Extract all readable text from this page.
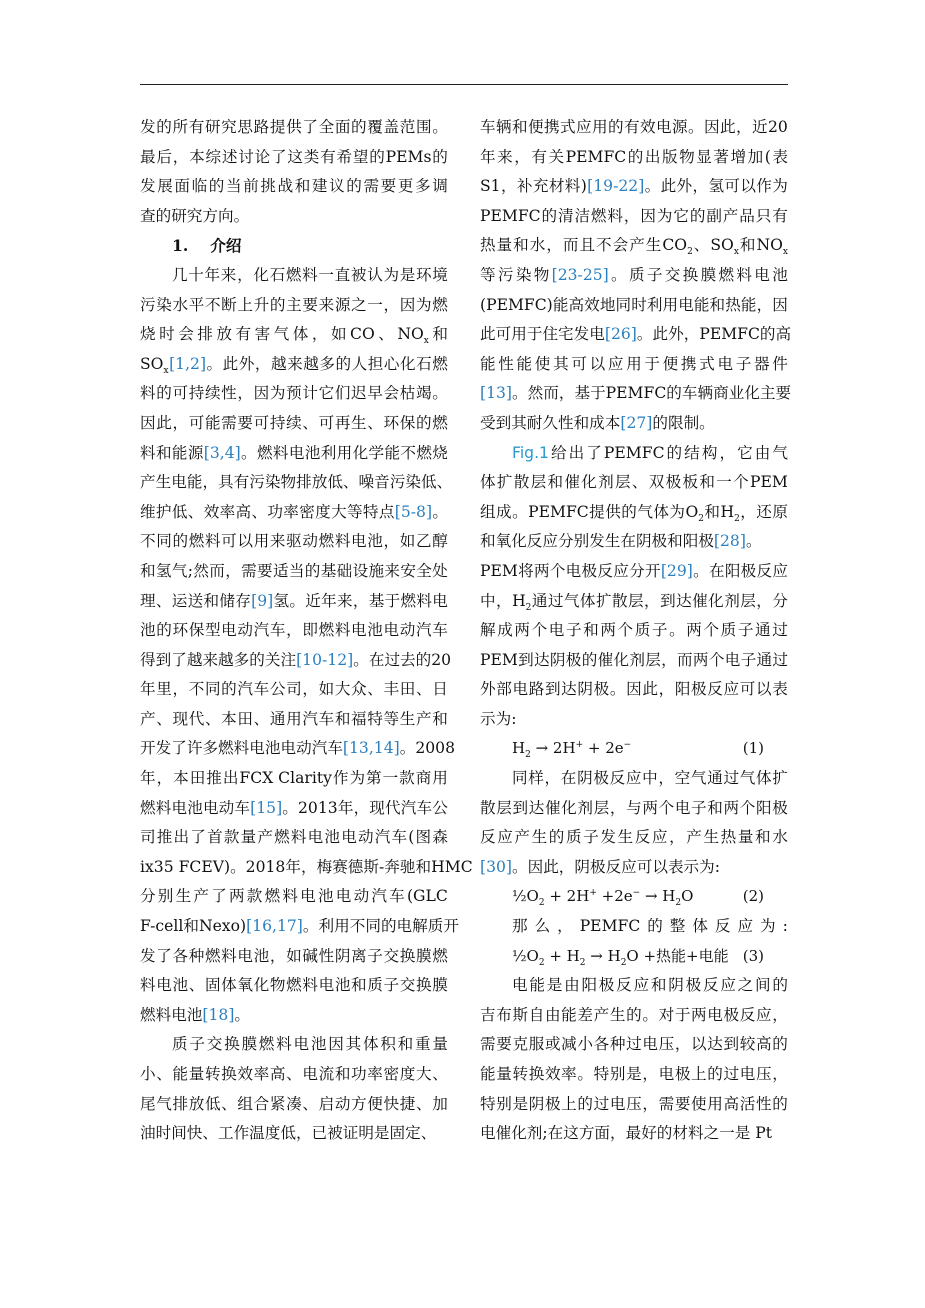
发 的 所 有 研 究 思 路 提 供 了 全 面 的 覆 盖 范 围 。
最 后 ， 本 综 述 讨 论 了 这 类 有 希 望 的 PEMs 的
发 展 面 临 的 当 前 挑 战 和 建 议 的 需 要 更 多 调
查的研究方向。
1. 介绍
几 十 年 来 ， 化 石 燃 料 一 直 被 认 为 是 环 境
污 染 水 平 不 断 上 升 的 主 要 来 源 之 一 ， 因 为 燃
烧 时 会 排 放 有 害 气 体 ， 如 CO 、 $NO_x$ 和
$SO_x$ [1,2] 。 此 外 ， 越 来 越 多 的 人 担 心 化 石 燃
料 的 可 持 续 性 ， 因 为 预 计 它 们 迟 早 会 枯 竭 。
因 此 ， 可 能 需 要 可 持 续 、 可 再 生 、 环 保 的 燃
料 和 能 源 [3,4] 。 燃 料 电 池 利 用 化 学 能 不 燃 烧
产 生 电 能 ， 具 有 污 染 物 排 放 低 、 噪 音 污 染 低 、
维 护 低 、 效 率 高 、 功 率 密 度 大 等 特 点 [5-8] 。
不 同 的 燃 料 可 以 用 来 驱 动 燃 料 电 池 ， 如 乙 醇
和 氢 气 ; 然 而 ， 需 要 适 当 的 基 础 设 施 来 安 全 处
理 、 运 送 和 储 存 [9] 氢 。 近 年 来 ， 基 于 燃 料 电
池 的 环 保 型 电 动 汽 车 ， 即 燃 料 电 池 电 动 汽 车
得 到 了 越 来 越 多 的 关 注 [10-12] 。 在 过 去 的 20
年 里 ， 不 同 的 汽 车 公 司 ， 如 大 众 、 丰 田 、 日
产 、 现 代 、 本 田 、 通 用 汽 车 和 福 特 等 生 产 和
开 发 了 许 多 燃 料 电 池 电 动 汽 车 [13,14] 。 2008
年 ， 本 田 推 出 FCX Clarity 作 为 第 一 款 商 用
燃 料 电 池 电 动 车 [15] 。 2013 年 ， 现 代 汽 车 公
司 推 出 了 首 款 量 产 燃 料 电 池 电 动 汽 车 ( 图 森
ix35 FCEV) 。 2018 年 ， 梅 赛 德 斯 - 奔 驰 和 HMC
分 别 生 产 了 两 款 燃 料 电 池 电 动 汽 车 (GLC
F-cell 和 Nexo) [16,17] 。 利 用 不 同 的 电 解 质 开
发 了 各 种 燃 料 电 池 ， 如 碱 性 阴 离 子 交 换 膜 燃
料 电 池 、 固 体 氧 化 物 燃 料 电 池 和 质 子 交 换 膜
燃料电池[18]。
质 子 交 换 膜 燃 料 电 池 因 其 体 积 和 重 量
小 、 能 量 转 换 效 率 高 、 电 流 和 功 率 密 度 大 、
尾 气 排 放 低 、 组 合 紧 凑 、 启 动 方 便 快 捷 、 加
油时间快、工作温度低，已被证明是固定、
车 辆 和 便 携 式 应 用 的 有 效 电 源 。 因 此 ， 近 20
年 来 ， 有 关 PEMFC 的 出 版 物 显 著 增 加 ( 表
S1 ， 补 充 材 料 ) [19-22] 。 此 外 ， 氢 可 以 作 为
PEMFC 的 清 洁 燃 料 ， 因 为 它 的 副 产 品 只 有
热 量 和 水 ， 而 且 不 会 产 生 $CO_2$ 、 $SO_x$ 和 $NO_x$
等 污 染 物 [23-25] 。 质 子 交 换 膜 燃 料 电 池
(PEMFC) 能 高 效 地 同 时 利 用 电 能 和 热 能 ， 因
此 可 用 于 住 宅 发 电 [26] 。 此 外 ， PEMFC 的 高
能 性 能 使 其 可 以 应 用 于 便 携 式 电 子 器 件
[13] 。 然 而 ， 基 于 PEMFC 的 车 辆 商 业 化 主 要
受到其耐久性和成本[27]的限制。
Fig.1 给 出 了 PEMFC 的 结 构 ， 它 由 气
体 扩 散 层 和 催 化 剂 层 、 双 极 板 和 一 个 PEM
组 成 。 PEMFC 提 供 的 气 体 为 $O_2$ 和 $H_2$ ， 还 原
和氧化反应分别发生在阴极和阳极[28]。
PEM 将 两 个 电 极 反 应 分 开 [29] 。 在 阳 极 反 应
中 ， $H_2$ 通 过 气 体 扩 散 层 ， 到 达 催 化 剂 层 ， 分
解 成 两 个 电 子 和 两 个 质 子 。 两 个 质 子 通 过
PEM 到 达 阴 极 的 催 化 剂 层 ， 而 两 个 电 子 通 过
外 部 电 路 到 达 阴 极 。 因 此 ， 阳 极 反 应 可 以 表
示为:
$H_2 \to 2H^+ + 2e^-$	(1)
同 样 ， 在 阴 极 反 应 中 ， 空 气 通 过 气 体 扩
散 层 到 达 催 化 剂 层 ， 与 两 个 电 子 和 两 个 阳 极
反 应 产 生 的 质 子 发 生 反 应 ， 产 生 热 量 和 水
[30]。因此，阴极反应可以表示为:
$\frac{1}{2}O_2 + 2H^+ +2e^- \to H_2O$	(2)
那 么 ， PEMFC 的 整 体 反 应 为 :
$\frac{1}{2}O_2 + H_2 \to H_2O$ +热能+电能 (3)
电 能 是 由 阳 极 反 应 和 阴 极 反 应 之 间 的
吉 布 斯 自 由 能 差 产 生 的 。 对 于 两 电 极 反 应 ，
需 要 克 服 或 减 小 各 种 过 电 压 ， 以 达 到 较 高 的
能 量 转 换 效 率 。 特 别 是 ， 电 极 上 的 过 电 压 ，
特 别 是 阴 极 上 的 过 电 压 ， 需 要 使 用 高 活 性 的
电催化剂;在这方面，最好的材料之一是 Pt
